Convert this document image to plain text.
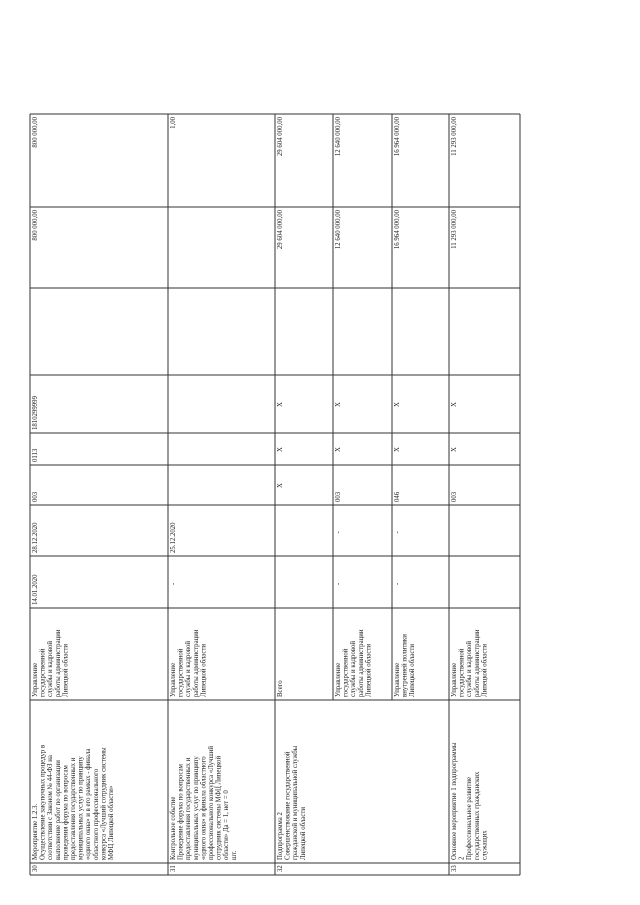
30
Мероприятие 1.2.3.Осуществление закупочных процедур всоответствии с Законом № 44-ФЗ навыполнение работ по организациипроведения форума по вопросампредоставления государственных имуниципальных услуг по принципу«одного окна» и в его рамках - финалаобластного профессиональногоконкурса «Лучший сотрудник системыМФЦ Липецкой области»
Управлениегосударственнойслужбы и кадровойработы администрацииЛипецкой области
14.01.2020
28.12.2020
003
0113
1810299999
800 000,00
800 000,00
31
Контрольное событиеПроведение форума по вопросампредоставления государственных имуниципальных услуг по принципу«одного окна» и финала областногопрофессионального конкурса «Лучшийсотрудник системы МФЦ Липецкойобласти» Да = 1, нет = 0шт.
Управлениегосударственнойслужбы и кадровойработы администрацииЛипецкой области
-
25.12.2020
1,00
32
Подпрограмма 2Совершенствование государственнойгражданской и муниципальной службыЛипецкой области
Всего
X
X
X
29 604 000,00
29 604 000,00
Управлениегосударственнойслужбы и кадровойработы администрацииЛипецкой области
-
-
003
X
X
12 640 000,00
12 640 000,00
Управлениевнутренней политикиЛипецкой области
-
-
046
X
X
16 964 000,00
16 964 000,00
33
Основное мероприятие 1 подпрограммы2Профессиональное развитиегосударственных гражданскихслужащих
Управлениегосударственнойслужбы и кадровойработы администрацииЛипецкой области
003
X
X
11 293 000,00
11 293 000,00
